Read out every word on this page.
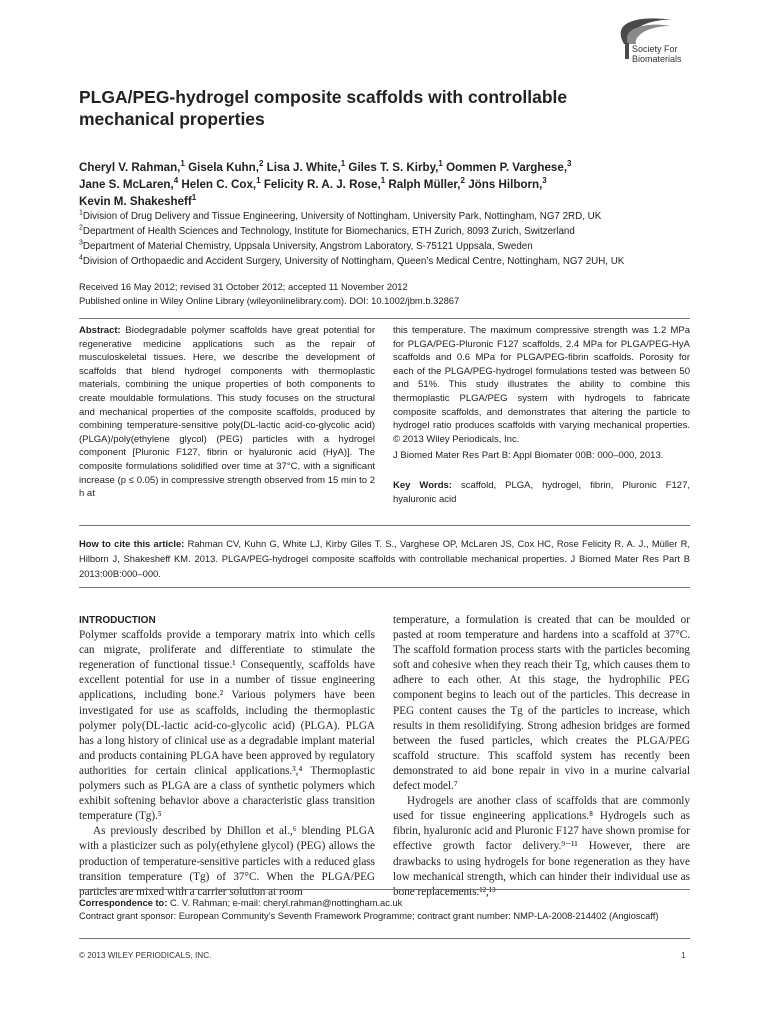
Society For
Biomaterials
PLGA/PEG-hydrogel composite scaffolds with controllable mechanical properties
Cheryl V. Rahman,$^1$ Gisela Kuhn,$^2$ Lisa J. White,$^1$ Giles T. S. Kirby,$^1$ Oommen P. Varghese,$^3$
Jane S. McLaren,$^4$ Helen C. Cox,$^1$ Felicity R. A. J. Rose,$^1$ Ralph Müller,$^2$ Jöns Hilborn,$^3$
Kevin M. Shakesheff$^1$
$^1$Division of Drug Delivery and Tissue Engineering, University of Nottingham, University Park, Nottingham, NG7 2RD, UK
$^2$Department of Health Sciences and Technology, Institute for Biomechanics, ETH Zurich, 8093 Zurich, Switzerland
$^3$Department of Material Chemistry, Uppsala University, Angstrom Laboratory, S-75121 Uppsala, Sweden
$^4$Division of Orthopaedic and Accident Surgery, University of Nottingham, Queen’s Medical Centre, Nottingham, NG7 2UH, UK
Received 16 May 2012; revised 31 October 2012; accepted 11 November 2012
Published online in Wiley Online Library (wileyonlinelibrary.com). DOI: 10.1002/jbm.b.32867
Abstract: Biodegradable polymer scaffolds have great potential for regenerative medicine applications such as the repair of musculoskeletal tissues. Here, we describe the development of scaffolds that blend hydrogel components with thermoplastic materials, combining the unique properties of both components to create mouldable formulations. This study focuses on the structural and mechanical properties of the composite scaffolds, produced by combining temperature-sensitive poly(DL-lactic acid-co-glycolic acid) (PLGA)/poly(ethylene glycol) (PEG) particles with a hydrogel component [Pluronic F127, fibrin or hyaluronic acid (HyA)]. The composite formulations solidified over time at 37°C, with a significant increase (p ≤ 0.05) in compressive strength observed from 15 min to 2 h at
this temperature. The maximum compressive strength was 1.2 MPa for PLGA/PEG-Pluronic F127 scaffolds, 2.4 MPa for PLGA/PEG-HyA scaffolds and 0.6 MPa for PLGA/PEG-fibrin scaffolds. Porosity for each of the PLGA/PEG-hydrogel formulations tested was between 50 and 51%. This study illustrates the ability to combine this thermoplastic PLGA/PEG system with hydrogels to fabricate composite scaffolds, and demonstrates that altering the particle to hydrogel ratio produces scaffolds with varying mechanical properties. © 2013 Wiley Periodicals, Inc.
J Biomed Mater Res Part B: Appl Biomater 00B: 000–000, 2013.
Key Words: scaffold, PLGA, hydrogel, fibrin, Pluronic F127, hyaluronic acid
How to cite this article: Rahman CV, Kuhn G, White LJ, Kirby Giles T. S., Varghese OP, McLaren JS, Cox HC, Rose Felicity R. A. J., Müller R, Hilborn J, Shakesheff KM. 2013. PLGA/PEG-hydrogel composite scaffolds with controllable mechanical properties. J Biomed Mater Res Part B 2013:00B:000–000.
INTRODUCTION
Polymer scaffolds provide a temporary matrix into which cells can migrate, proliferate and differentiate to stimulate the regeneration of functional tissue.¹ Consequently, scaffolds have excellent potential for use in a number of tissue engineering applications, including bone.² Various polymers have been investigated for use as scaffolds, including the thermoplastic polymer poly(DL-lactic acid-co-glycolic acid) (PLGA). PLGA has a long history of clinical use as a degradable implant material and products containing PLGA have been approved by regulatory authorities for certain clinical applications.³,⁴ Thermoplastic polymers such as PLGA are a class of synthetic polymers which exhibit softening behavior above a characteristic glass transition temperature (Tg).⁵
As previously described by Dhillon et al.,⁶ blending PLGA with a plasticizer such as poly(ethylene glycol) (PEG) allows the production of temperature-sensitive particles with a reduced glass transition temperature (Tg) of 37°C. When the PLGA/PEG particles are mixed with a carrier solution at room
temperature, a formulation is created that can be moulded or pasted at room temperature and hardens into a scaffold at 37°C. The scaffold formation process starts with the particles becoming soft and cohesive when they reach their Tg, which causes them to adhere to each other. At this stage, the hydrophilic PEG component begins to leach out of the particles. This decrease in PEG content causes the Tg of the particles to increase, which results in them resolidifying. Strong adhesion bridges are formed between the fused particles, which creates the PLGA/PEG scaffold structure. This scaffold system has recently been demonstrated to aid bone repair in vivo in a murine calvarial defect model.⁷
Hydrogels are another class of scaffolds that are commonly used for tissue engineering applications.⁸ Hydrogels such as fibrin, hyaluronic acid and Pluronic F127 have shown promise for effective growth factor delivery.⁹⁻¹¹ However, there are drawbacks to using hydrogels for bone regeneration as they have low mechanical strength, which can hinder their individual use as bone replacements.¹²,¹³
Correspondence to: C. V. Rahman; e-mail: cheryl.rahman@nottingham.ac.uk
Contract grant sponsor: European Community’s Seventh Framework Programme; contract grant number: NMP-LA-2008-214402 (Angioscaff)
© 2013 WILEY PERIODICALS, INC.	1
